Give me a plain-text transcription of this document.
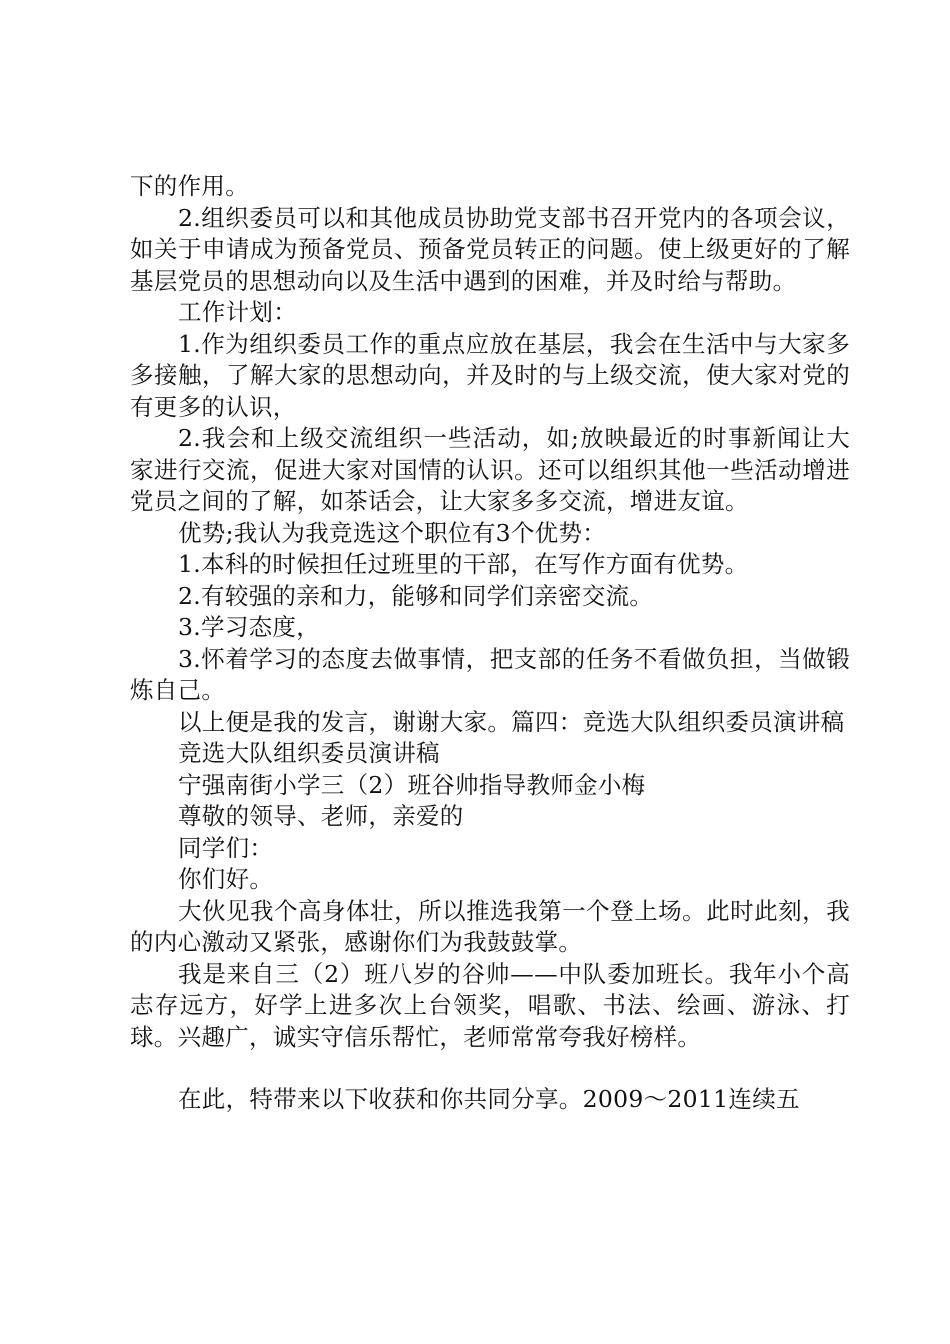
下的作用。

2.组织委员可以和其他成员协助党支部书召开党内的各项会议，如关于申请成为预备党员、预备党员转正的问题。使上级更好的了解基层党员的思想动向以及生活中遇到的困难，并及时给与帮助。

工作计划：

1.作为组织委员工作的重点应放在基层，我会在生活中与大家多多接触，了解大家的思想动向，并及时的与上级交流，使大家对党的有更多的认识，

2.我会和上级交流组织一些活动，如;放映最近的时事新闻让大家进行交流，促进大家对国情的认识。还可以组织其他一些活动增进党员之间的了解，如茶话会，让大家多多交流，增进友谊。

优势;我认为我竞选这个职位有3个优势：

1.本科的时候担任过班里的干部，在写作方面有优势。

2.有较强的亲和力，能够和同学们亲密交流。

3.学习态度，

3.怀着学习的态度去做事情，把支部的任务不看做负担，当做锻炼自己。

以上便是我的发言，谢谢大家。篇四：竞选大队组织委员演讲稿

竞选大队组织委员演讲稿

宁强南街小学三（2）班谷帅指导教师金小梅

尊敬的领导、老师，亲爱的

同学们：

你们好。

大伙见我个高身体壮，所以推选我第一个登上场。此时此刻，我的内心激动又紧张，感谢你们为我鼓鼓掌。

我是来自三（2）班八岁的谷帅——中队委加班长。我年小个高志存远方，好学上进多次上台领奖，唱歌、书法、绘画、游泳、打球。兴趣广，诚实守信乐帮忙，老师常常夸我好榜样。

在此，特带来以下收获和你共同分享。2009～2011连续五
